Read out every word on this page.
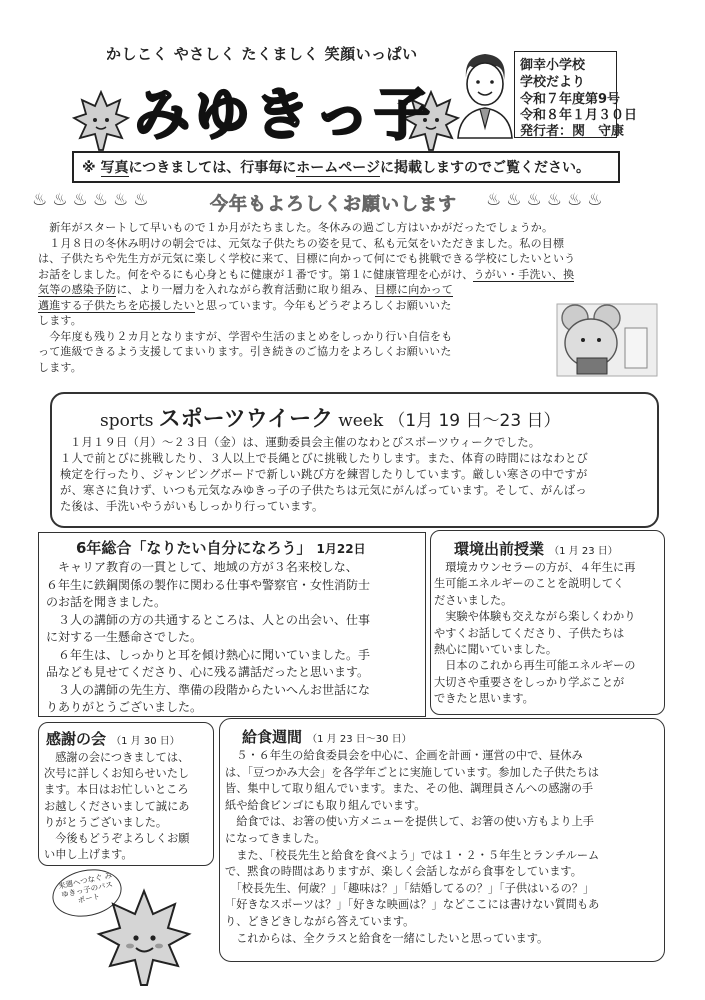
かしこく やさしく たくましく 笑顔いっぱい
みゆきっ子
御幸小学校
学校だより
令和７年度第9号
令和８年１月３０日
発行者：関　守康
※ 写真につきましては、行事毎にホームページに掲載しますのでご覧ください。
♨♨♨♨♨♨	♨♨♨♨♨♨
今年もよろしくお願いします
　新年がスタートして早いもので１か月がたちました。冬休みの過ごし方はいかがだったでしょうか。
　１月８日の冬休み明けの朝会では、元気な子供たちの姿を見て、私も元気をいただきました。私の目標
は、子供たちや先生方が元気に楽しく学校に来て、目標に向かって何にでも挑戦できる学校にしたいという
お話をしました。何をやるにも心身ともに健康が１番です。第１に健康管理を心がけ、うがい・手洗い、換
気等の感染予防に、より一層力を入れながら教育活動に取り組み、目標に向かって
邁進する子供たちを応援したいと思っています。今年もどうぞよろしくお願いいた
します。
　今年度も残り２カ月となりますが、学習や生活のまとめをしっかり行い自信をも
って進級できるよう支援してまいります。引き続きのご協力をよろしくお願いいた
します。
sports スポーツウイーク week （1月 19 日～23 日）
１月１９日（月）～２３日（金）は、運動委員会主催のなわとびスポーツウィークでした。
１人で前とびに挑戦したり、３人以上で長縄とびに挑戦したりします。また、体育の時間にはなわとび
検定を行ったり、ジャンピングボードで新しい跳び方を練習したりしています。厳しい寒さの中ですが
が、寒さに負けず、いつも元気なみゆきっ子の子供たちは元気にがんばっています。そして、がんばっ
た後は、手洗いやうがいもしっかり行っています。
6年総合「なりたい自分になろう」 1月22日
　キャリア教育の一貫として、地域の方が３名来校しな、
６年生に鉄鋼関係の製作に関わる仕事や警察官・女性消防士
のお話を聞きました。
　３人の講師の方の共通するところは、人との出会い、仕事
に対する一生懸命さでした。
　６年生は、しっかりと耳を傾け熱心に聞いていました。手
品なども見せてくださり、心に残る講話だったと思います。
　３人の講師の先生方、準備の段階からたいへんお世話にな
りありがとうございました。
環境出前授業 （1 月 23 日）
　環境カウンセラーの方が、４年生に再
生可能エネルギーのことを説明してく
ださいました。
　実験や体験も交えながら楽しくわかり
やすくお話してくださり、子供たちは
熱心に聞いていました。
　日本のこれから再生可能エネルギーの
大切さや重要さをしっかり学ぶことが
できたと思います。
感謝の会 （1 月 30 日）
　感謝の会につきましては、
次号に詳しくお知らせいたし
ます。本日はお忙しいところ
お越しくださいまして誠にあ
りがとうございました。
　今後もどうぞよろしくお願
い申し上げます。
来週へつなぐ みゆきっ子のパスポート
給食週間 （1 月 23 日～30 日）
　５・６年生の給食委員会を中心に、企画を計画・運営の中で、昼休み
は、「豆つかみ大会」を各学年ごとに実施しています。参加した子供たちは
皆、集中して取り組んでいます。また、その他、調理員さんへの感謝の手
紙や給食ビンゴにも取り組んでいます。
　給食では、お箸の使い方メニューを提供して、お箸の使い方もより上手
になってきました。
　また、「校長先生と給食を食べよう」では１・２・５年生とランチルーム
で、黙食の時間はありますが、楽しく会話しながら食事をしています。
　「校長先生、何歳？」「趣味は？」「結婚してるの？」「子供はいるの？」
「好きなスポーツは？」「好きな映画は？」などここには書けない質問もあ
り、どきどきしながら答えています。
　これからは、全クラスと給食を一緒にしたいと思っています。
